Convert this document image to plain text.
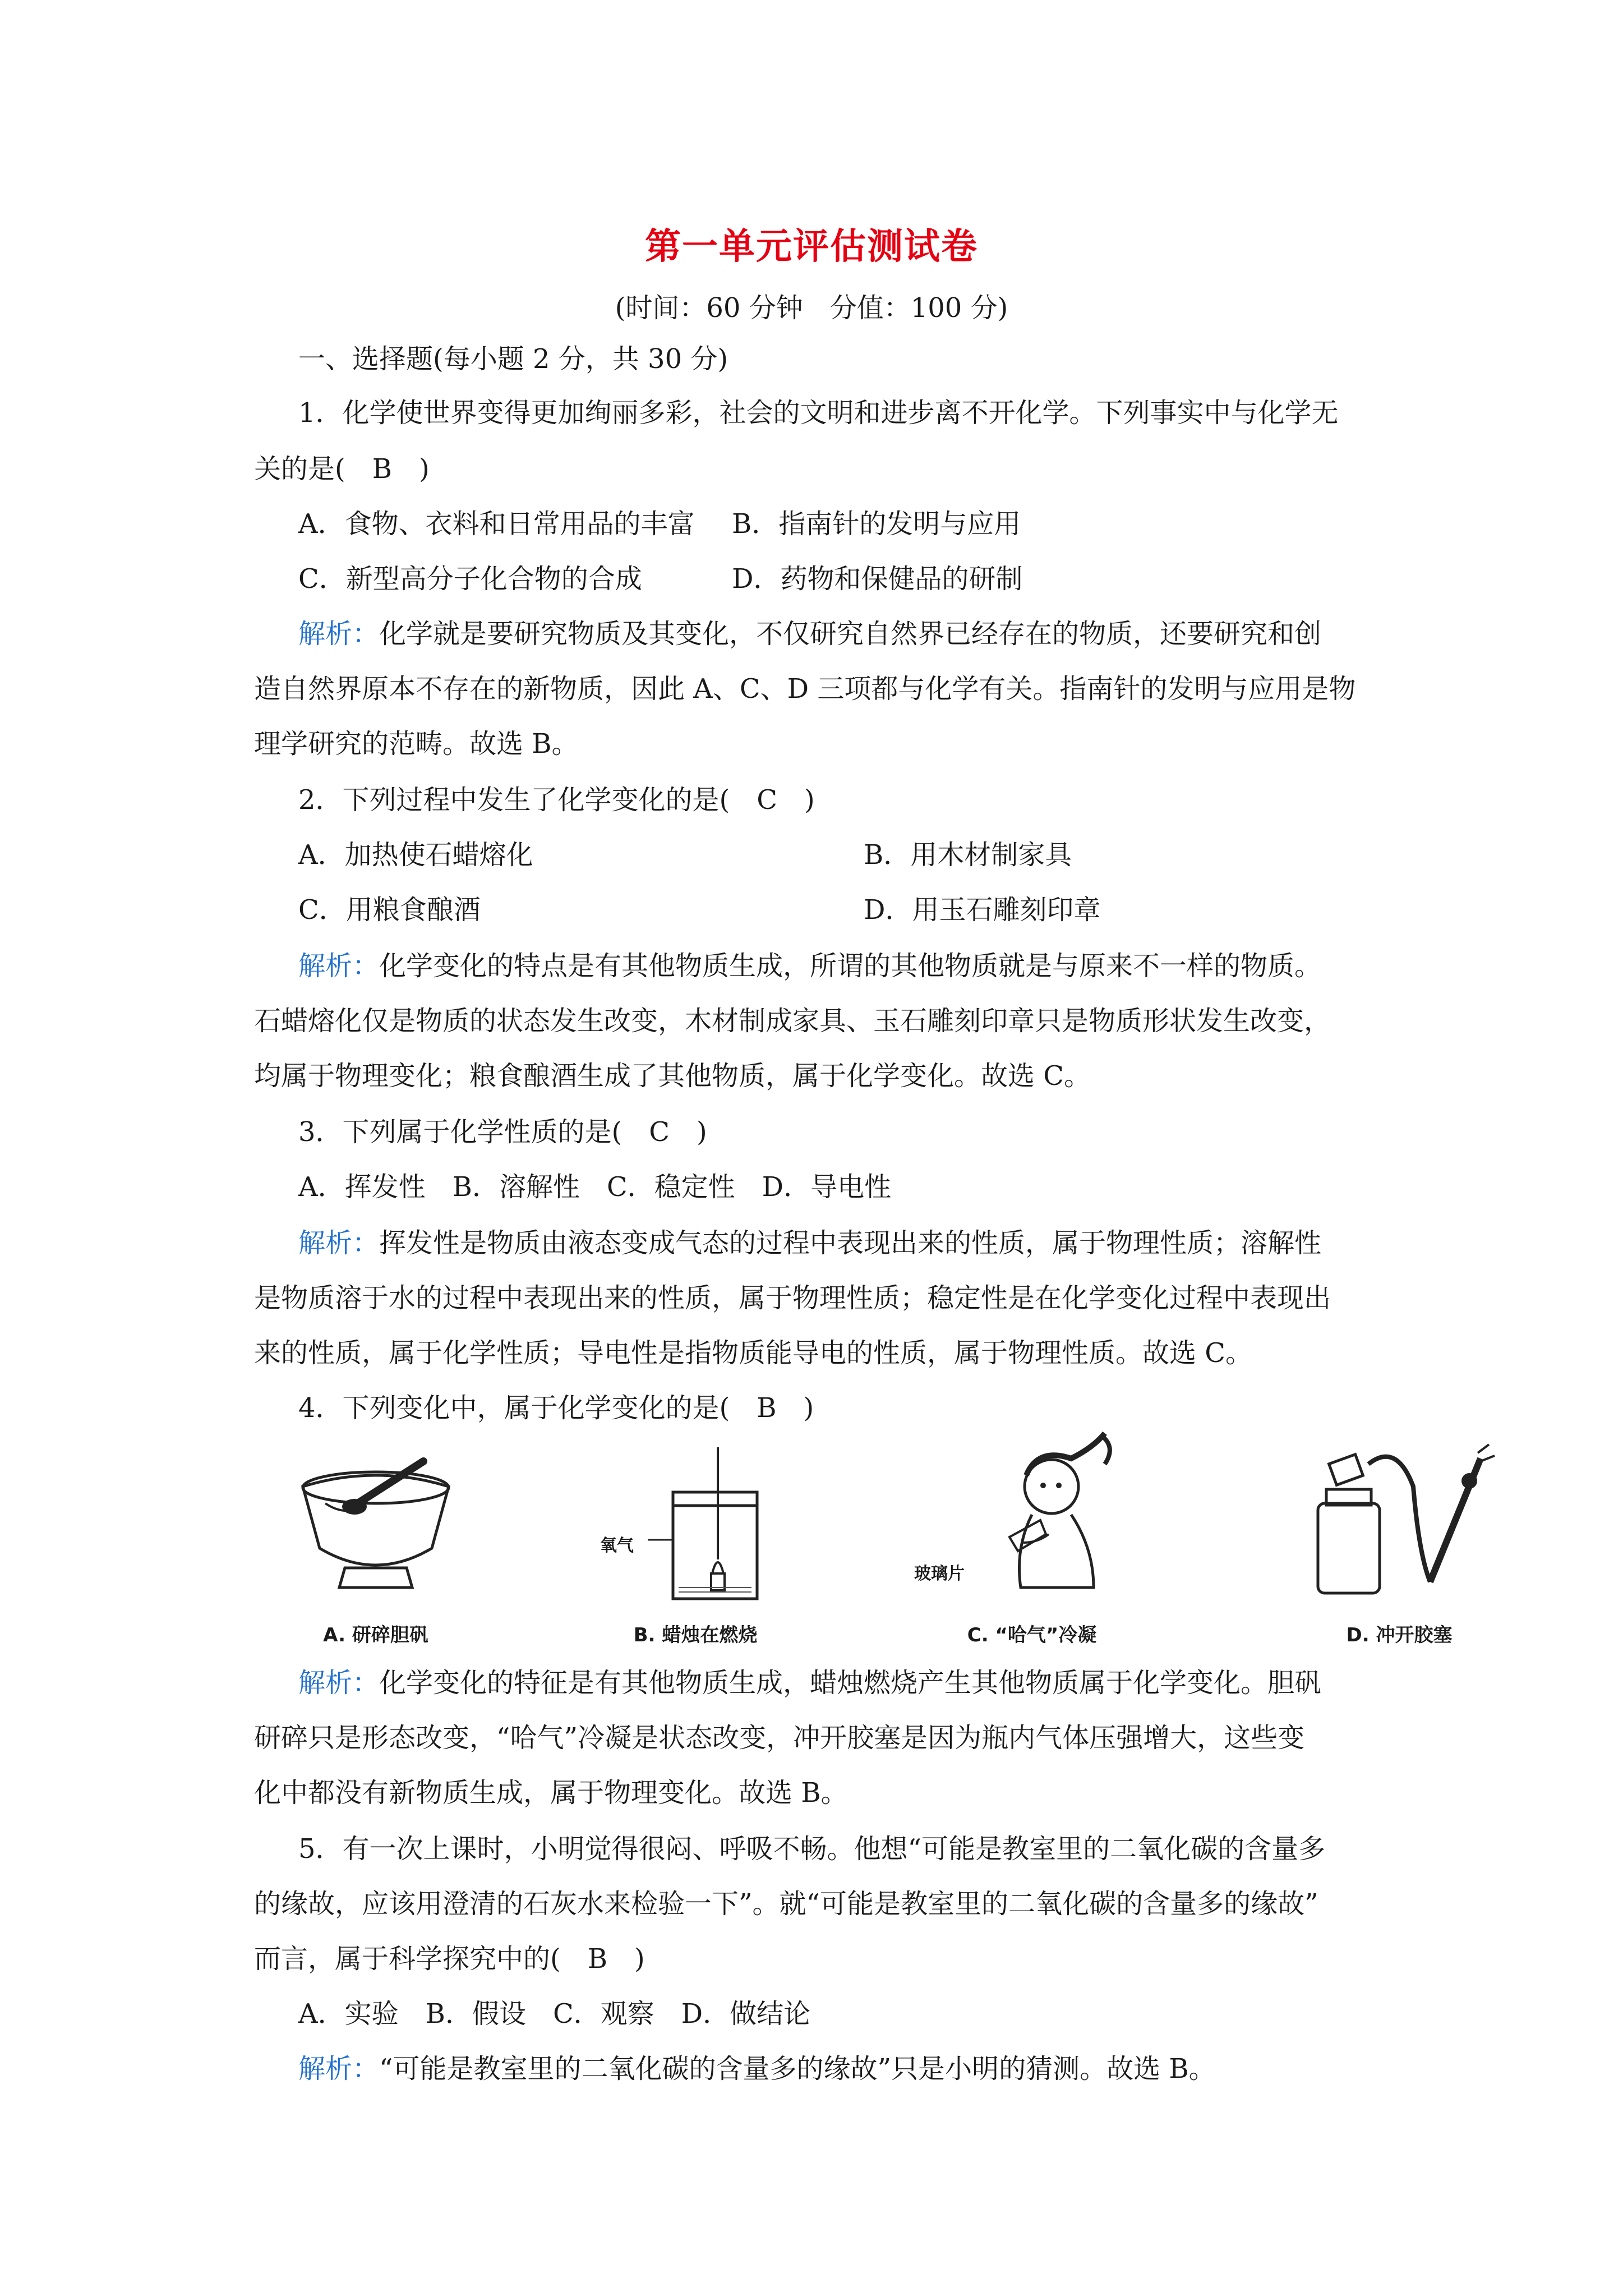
第一单元评估测试卷
(时间：60 分钟　分值：100 分)
一、选择题(每小题 2 分，共 30 分)
1．化学使世界变得更加绚丽多彩，社会的文明和进步离不开化学。下列事实中与化学无
关的是(　B　)
A．食物、衣料和日常用品的丰富 B．指南针的发明与应用
C．新型高分子化合物的合成	D．药物和保健品的研制
解析：化学就是要研究物质及其变化，不仅研究自然界已经存在的物质，还要研究和创
造自然界原本不存在的新物质，因此 A、C、D 三项都与化学有关。指南针的发明与应用是物
理学研究的范畴。故选 B。
2．下列过程中发生了化学变化的是(　C　)
A．加热使石蜡熔化	B．用木材制家具
C．用粮食酿酒	D．用玉石雕刻印章
解析：化学变化的特点是有其他物质生成，所谓的其他物质就是与原来不一样的物质。
石蜡熔化仅是物质的状态发生改变，木材制成家具、玉石雕刻印章只是物质形状发生改变，
均属于物理变化；粮食酿酒生成了其他物质，属于化学变化。故选 C。
3．下列属于化学性质的是(　C　)
A．挥发性　B．溶解性　C．稳定性　D．导电性
解析：挥发性是物质由液态变成气态的过程中表现出来的性质，属于物理性质；溶解性
是物质溶于水的过程中表现出来的性质，属于物理性质；稳定性是在化学变化过程中表现出
来的性质，属于化学性质；导电性是指物质能导电的性质，属于物理性质。故选 C。
4．下列变化中，属于化学变化的是(　B　)
A. 研碎胆矾
氧气
B. 蜡烛在燃烧
玻璃片
C. “哈气”冷凝	D. 冲开胶塞
解析：化学变化的特征是有其他物质生成，蜡烛燃烧产生其他物质属于化学变化。胆矾
研碎只是形态改变，“哈气”冷凝是状态改变，冲开胶塞是因为瓶内气体压强增大，这些变
化中都没有新物质生成，属于物理变化。故选 B。
5．有一次上课时，小明觉得很闷、呼吸不畅。他想“可能是教室里的二氧化碳的含量多
的缘故，应该用澄清的石灰水来检验一下”。就“可能是教室里的二氧化碳的含量多的缘故”
而言，属于科学探究中的(　B　)
A．实验　B．假设　C．观察　D．做结论
解析：“可能是教室里的二氧化碳的含量多的缘故”只是小明的猜测。故选 B。
